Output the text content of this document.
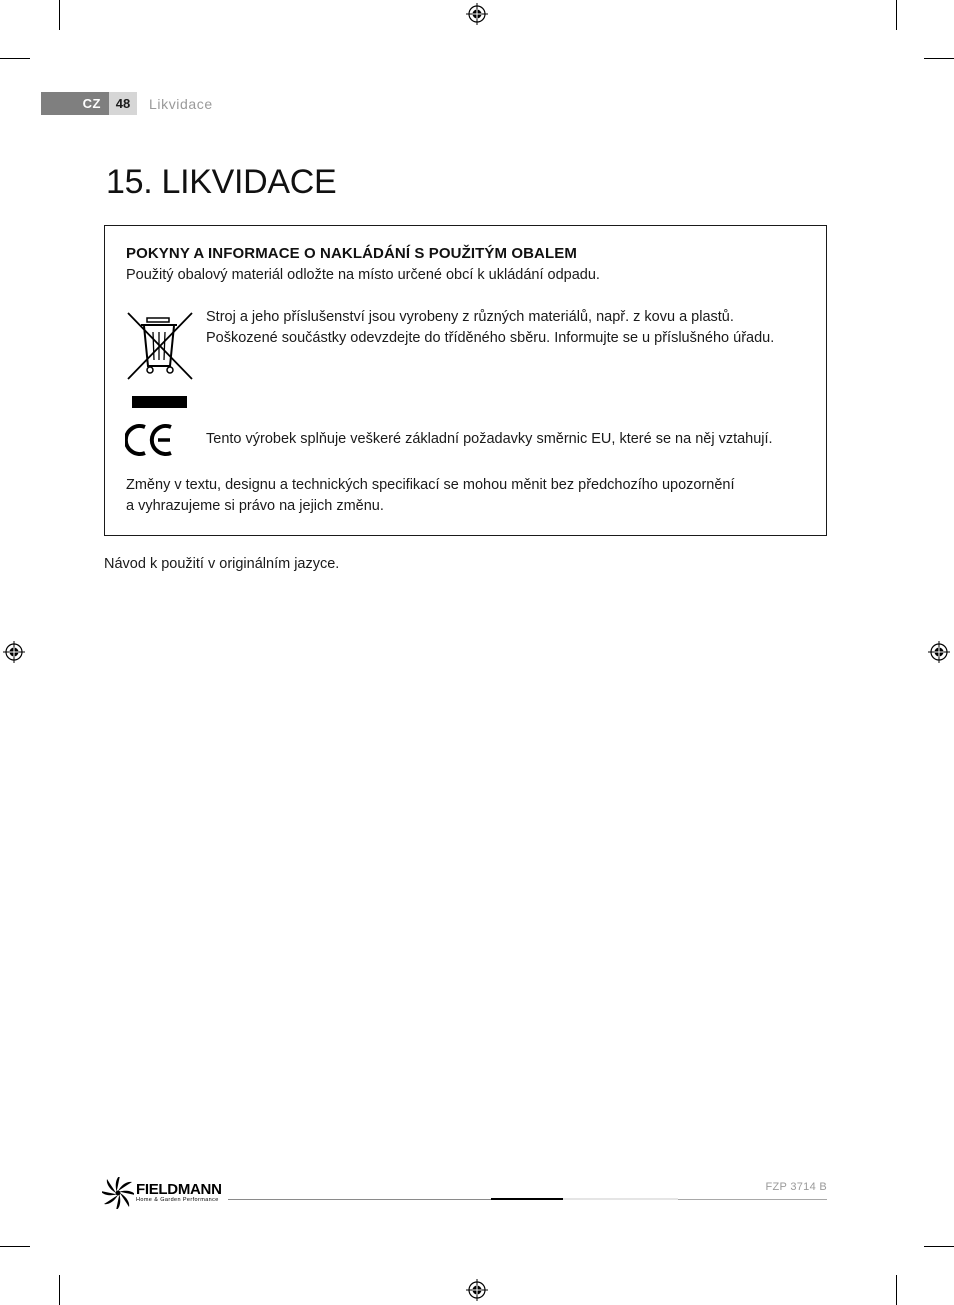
CZ	48	Likvidace
15. LIKVIDACE
POKYNY A INFORMACE O NAKLÁDÁNÍ S POUŽITÝM OBALEM
Použitý obalový materiál odložte na místo určené obcí k ukládání odpadu.
Stroj a jeho příslušenství jsou vyrobeny z různých materiálů, např. z kovu a plastů.
Poškozené součástky odevzdejte do tříděného sběru. Informujte se u příslušného úřadu.
Tento výrobek splňuje veškeré základní požadavky směrnic EU, které se na něj vztahují.
Změny v textu, designu a technických specifikací se mohou měnit bez předchozího upozornění
a vyhrazujeme si právo na jejich změnu.
Návod k použití v originálním jazyce.
FIELDMANN
Home & Garden Performance
FZP 3714 B
